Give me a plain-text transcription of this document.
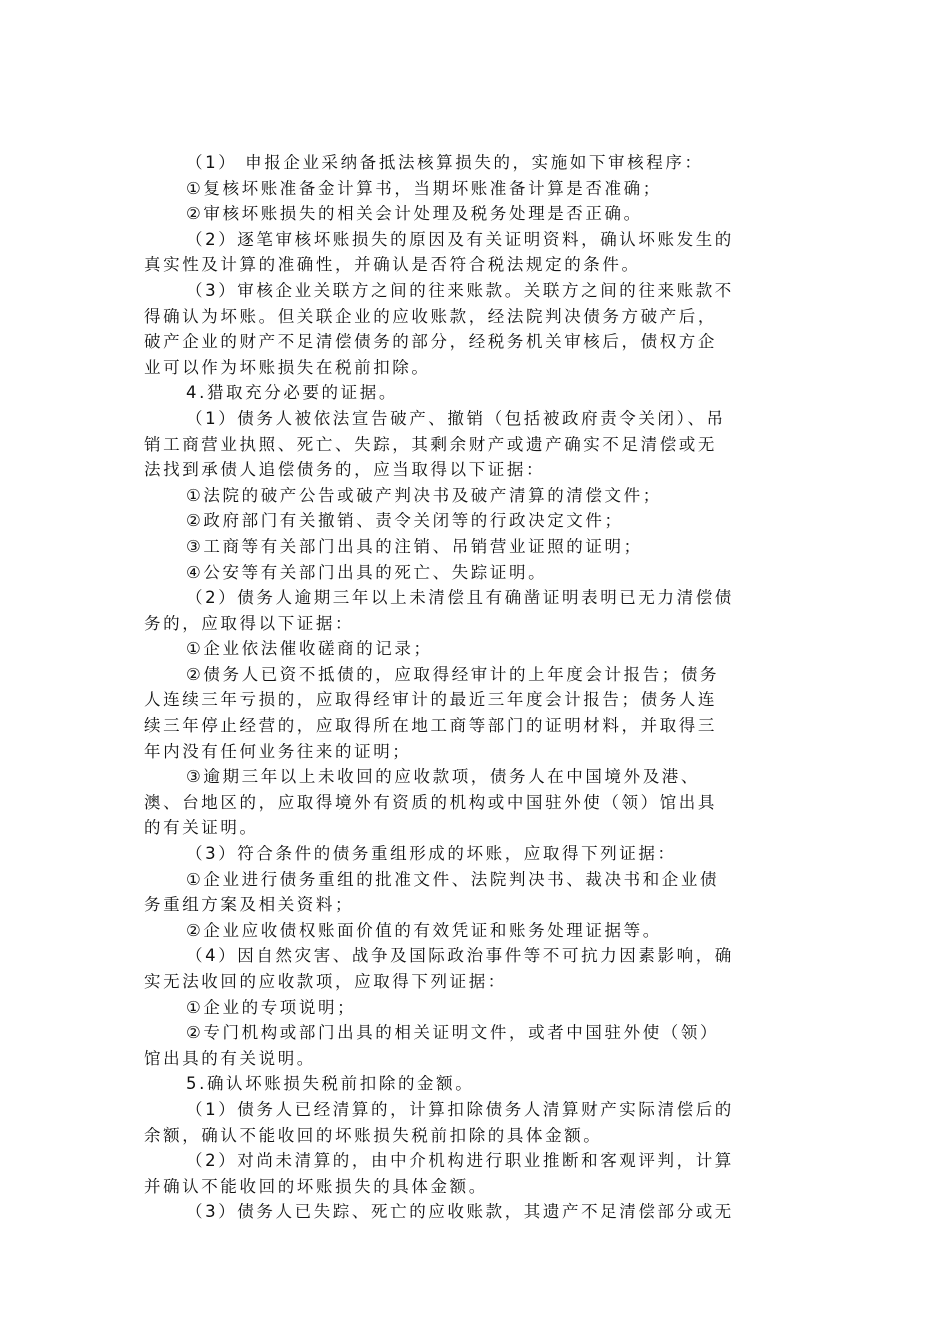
（1） 申报企业采纳备抵法核算损失的，实施如下审核程序：
①复核坏账准备金计算书，当期坏账准备计算是否准确；
②审核坏账损失的相关会计处理及税务处理是否正确。
（2）逐笔审核坏账损失的原因及有关证明资料，确认坏账发生的
真实性及计算的准确性，并确认是否符合税法规定的条件。
（3）审核企业关联方之间的往来账款。关联方之间的往来账款不
得确认为坏账。但关联企业的应收账款，经法院判决债务方破产后，
破产企业的财产不足清偿债务的部分，经税务机关审核后，债权方企
业可以作为坏账损失在税前扣除。
4.猎取充分必要的证据。
（1）债务人被依法宣告破产、撤销（包括被政府责令关闭）、吊
销工商营业执照、死亡、失踪，其剩余财产或遗产确实不足清偿或无
法找到承债人追偿债务的，应当取得以下证据：
①法院的破产公告或破产判决书及破产清算的清偿文件；
②政府部门有关撤销、责令关闭等的行政决定文件；
③工商等有关部门出具的注销、吊销营业证照的证明；
④公安等有关部门出具的死亡、失踪证明。
（2）债务人逾期三年以上未清偿且有确凿证明表明已无力清偿债
务的，应取得以下证据：
①企业依法催收磋商的记录；
②债务人已资不抵债的，应取得经审计的上年度会计报告；债务
人连续三年亏损的，应取得经审计的最近三年度会计报告；债务人连
续三年停止经营的，应取得所在地工商等部门的证明材料，并取得三
年内没有任何业务往来的证明；
③逾期三年以上未收回的应收款项，债务人在中国境外及港、
澳、台地区的，应取得境外有资质的机构或中国驻外使（领）馆出具
的有关证明。
（3）符合条件的债务重组形成的坏账，应取得下列证据：
①企业进行债务重组的批准文件、法院判决书、裁决书和企业债
务重组方案及相关资料；
②企业应收债权账面价值的有效凭证和账务处理证据等。
（4）因自然灾害、战争及国际政治事件等不可抗力因素影响，确
实无法收回的应收款项，应取得下列证据：
①企业的专项说明；
②专门机构或部门出具的相关证明文件，或者中国驻外使（领）
馆出具的有关说明。
5.确认坏账损失税前扣除的金额。
（1）债务人已经清算的，计算扣除债务人清算财产实际清偿后的
余额，确认不能收回的坏账损失税前扣除的具体金额。
（2）对尚未清算的，由中介机构进行职业推断和客观评判，计算
并确认不能收回的坏账损失的具体金额。
（3）债务人已失踪、死亡的应收账款，其遗产不足清偿部分或无
